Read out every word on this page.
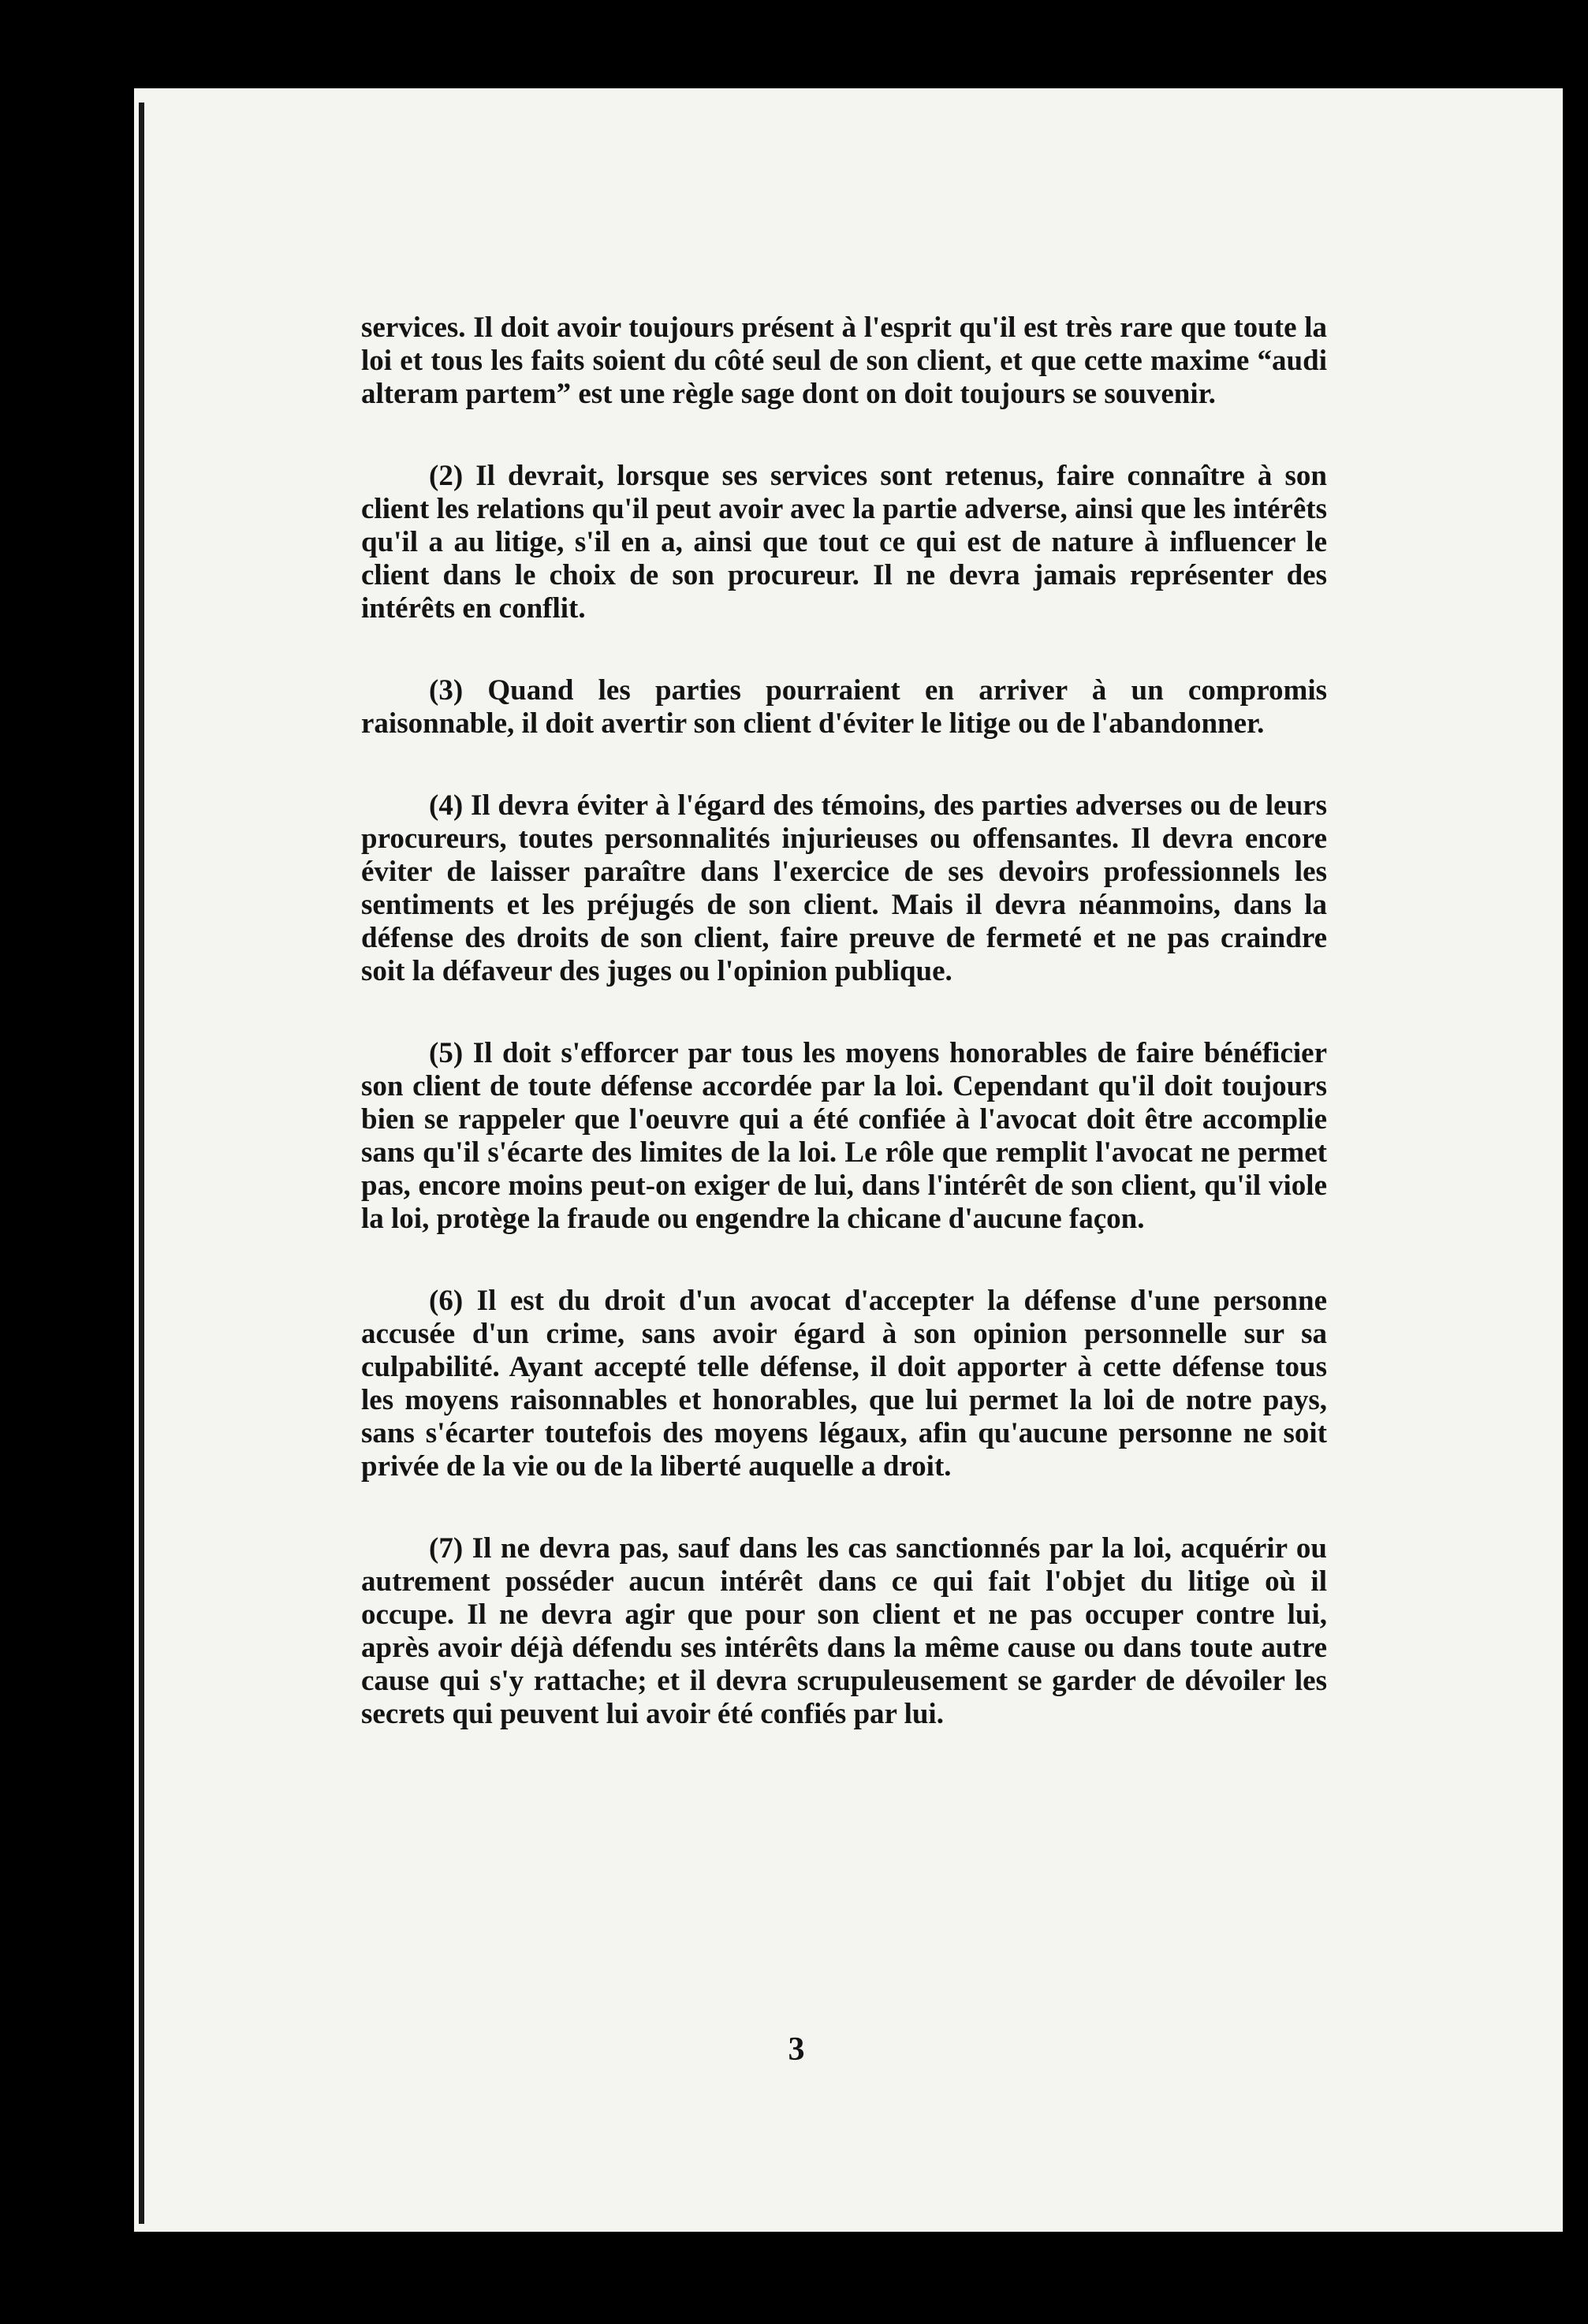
services. Il doit avoir toujours présent à l'esprit qu'il est très rare que toute la loi et tous les faits soient du côté seul de son client, et que cette maxime “audi alteram partem” est une règle sage dont on doit toujours se souvenir.

(2) Il devrait, lorsque ses services sont retenus, faire connaître à son client les relations qu'il peut avoir avec la partie adverse, ainsi que les intérêts qu'il a au litige, s'il en a, ainsi que tout ce qui est de nature à influencer le client dans le choix de son procureur. Il ne devra jamais représenter des intérêts en conflit.

(3) Quand les parties pourraient en arriver à un compromis raisonnable, il doit avertir son client d'éviter le litige ou de l'abandonner.

(4) Il devra éviter à l'égard des témoins, des parties adverses ou de leurs procureurs, toutes personnalités injurieuses ou offensantes. Il devra encore éviter de laisser paraître dans l'exercice de ses devoirs professionnels les sentiments et les préjugés de son client. Mais il devra néanmoins, dans la défense des droits de son client, faire preuve de fermeté et ne pas craindre soit la défaveur des juges ou l'opinion publique.

(5) Il doit s'efforcer par tous les moyens honorables de faire bénéficier son client de toute défense accordée par la loi. Cependant qu'il doit toujours bien se rappeler que l'oeuvre qui a été confiée à l'avocat doit être accomplie sans qu'il s'écarte des limites de la loi. Le rôle que remplit l'avocat ne permet pas, encore moins peut-on exiger de lui, dans l'intérêt de son client, qu'il viole la loi, protège la fraude ou engendre la chicane d'aucune façon.

(6) Il est du droit d'un avocat d'accepter la défense d'une personne accusée d'un crime, sans avoir égard à son opinion personnelle sur sa culpabilité. Ayant accepté telle défense, il doit apporter à cette défense tous les moyens raisonnables et honorables, que lui permet la loi de notre pays, sans s'écarter toutefois des moyens légaux, afin qu'aucune personne ne soit privée de la vie ou de la liberté auquelle a droit.

(7) Il ne devra pas, sauf dans les cas sanctionnés par la loi, acquérir ou autrement posséder aucun intérêt dans ce qui fait l'objet du litige où il occupe. Il ne devra agir que pour son client et ne pas occuper contre lui, après avoir déjà défendu ses intérêts dans la même cause ou dans toute autre cause qui s'y rattache; et il devra scrupuleusement se garder de dévoiler les secrets qui peuvent lui avoir été confiés par lui.

3
